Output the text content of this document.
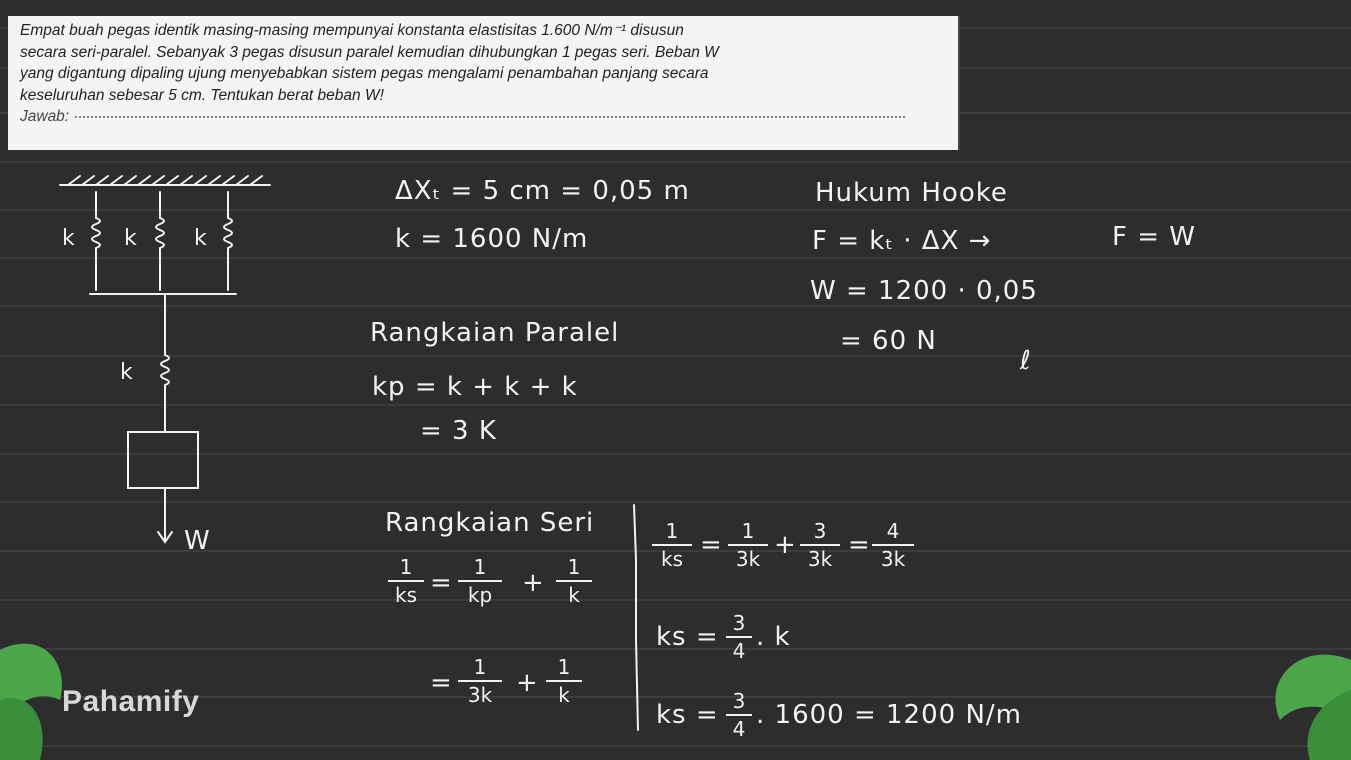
Empat buah pegas identik masing-masing mempunyai konstanta elastisitas 1.600 N/m⁻¹ disusun
secara seri-paralel. Sebanyak 3 pegas disusun paralel kemudian dihubungkan 1 pegas seri. Beban W
yang digantung dipaling ujung menyebabkan sistem pegas mengalami penambahan panjang secara
keseluruhan sebesar 5 cm. Tentukan berat beban W!
Jawab:
k k	k
k
W
ΔXₜ = 5 cm = 0,05 m
k = 1600 N/m
Rangkaian Paralel
kp = k + k + k
= 3 K
Rangkaian Seri
1
ks =
1
kp	+
1
k
=
1
3k +
1
k
1
ks = 1
3k + 3
3k = 4
3k
ks = 3
4 . k
ks = 3
4 . 1600 = 1200 N/m
Hukum Hooke
F = kₜ · ΔX →	F = W
W = 1200 · 0,05
= 60 N
ℓ
Pahamify
